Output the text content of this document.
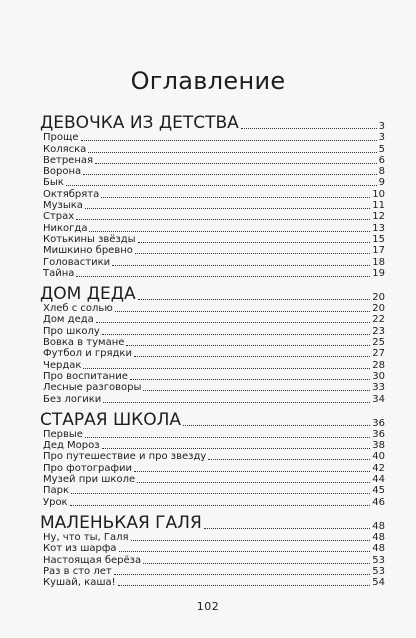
Оглавление
ДЕВОЧКА ИЗ ДЕТСТВА	3
Проще	3
Коляска	5
Ветреная	6
Ворона	8
Бык	9
Октябрята	10
Музыка	11
Страх	12
Никогда	13
Котькины звёзды	15
Мишкино бревно	17
Головастики	18
Тайна	19
ДОМ ДЕДА	20
Хлеб с солью	20
Дом деда	22
Про школу	23
Вовка в тумане	25
Футбол и грядки	27
Чердак	28
Про воспитание	30
Лесные разговоры	33
Без логики	34
СТАРАЯ ШКОЛА	36
Первые	36
Дед Мороз	38
Про путешествие и про звезду	40
Про фотографии	42
Музей при школе	44
Парк	45
Урок	46
МАЛЕНЬКАЯ ГАЛЯ	48
Ну, что ты, Галя	48
Кот из шарфа	48
Настоящая берёза	53
Раз в сто лет	53
Кушай, каша!	54
102
